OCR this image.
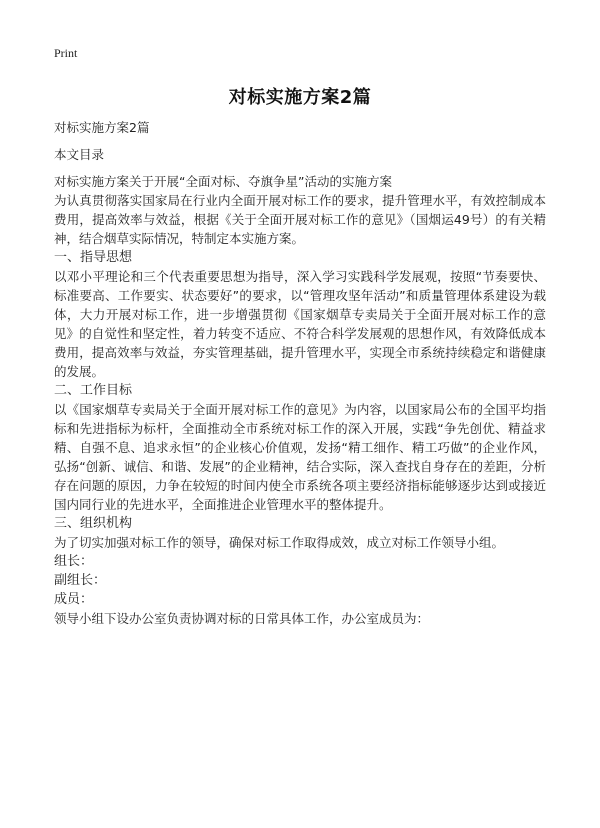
Print
对标实施方案2篇

对标实施方案2篇

本文目录

对标实施方案关于开展“全面对标、夺旗争星”活动的实施方案

为认真贯彻落实国家局在行业内全面开展对标工作的要求，提升管理水平，有效控制成本费用，提高效率与效益，根据《关于全面开展对标工作的意见》（国烟运49号）的有关精神，结合烟草实际情况，特制定本实施方案。

一、指导思想

以邓小平理论和三个代表重要思想为指导，深入学习实践科学发展观，按照“节奏要快、标准要高、工作要实、状态要好”的要求，以“管理攻坚年活动”和质量管理体系建设为载体，大力开展对标工作，进一步增强贯彻《国家烟草专卖局关于全面开展对标工作的意见》的自觉性和坚定性，着力转变不适应、不符合科学发展观的思想作风，有效降低成本费用，提高效率与效益，夯实管理基础，提升管理水平，实现全市系统持续稳定和谐健康的发展。

二、工作目标

以《国家烟草专卖局关于全面开展对标工作的意见》为内容，以国家局公布的全国平均指标和先进指标为标杆，全面推动全市系统对标工作的深入开展，实践“争先创优、精益求精、自强不息、追求永恒”的企业核心价值观，发扬“精工细作、精工巧做”的企业作风，弘扬“创新、诚信、和谐、发展”的企业精神，结合实际，深入查找自身存在的差距，分析存在问题的原因，力争在较短的时间内使全市系统各项主要经济指标能够逐步达到或接近国内同行业的先进水平，全面推进企业管理水平的整体提升。

三、组织机构

为了切实加强对标工作的领导，确保对标工作取得成效，成立对标工作领导小组。

组长：

副组长：

成员：

领导小组下设办公室负责协调对标的日常具体工作，办公室成员为：
